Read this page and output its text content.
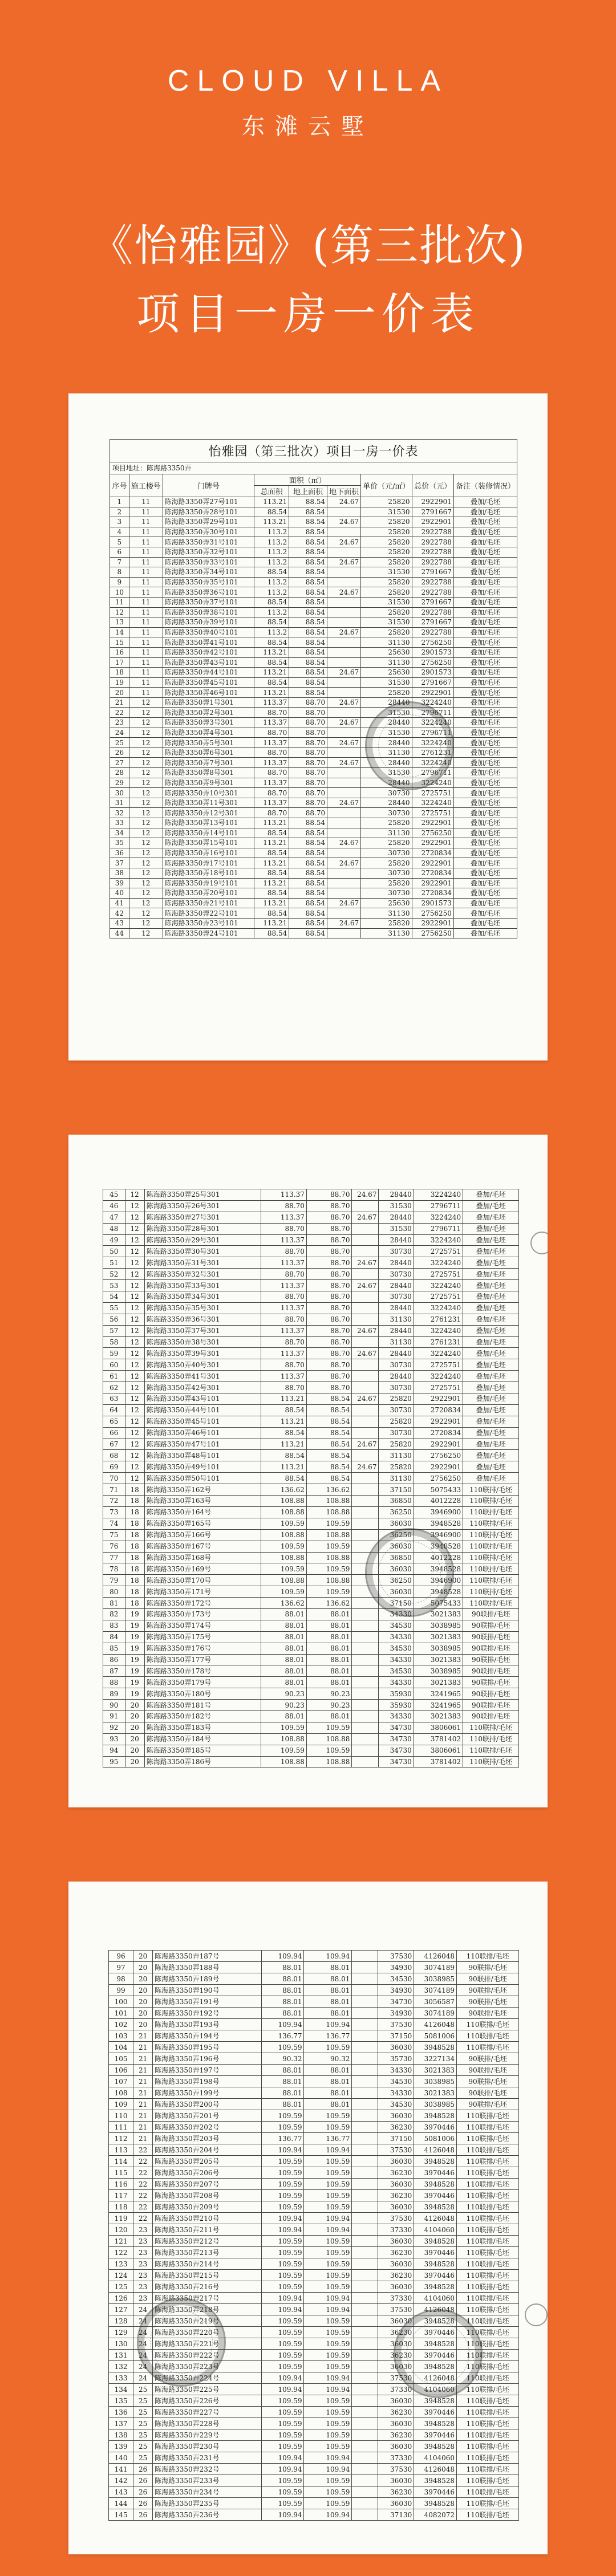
CLOUD VILLA
东滩云墅
《怡雅园》(第三批次)
项目一房一价表
怡雅园（第三批次）项目一房一价表
项目地址：陈海路3350弄
序号	施工楼号	门牌号	面积（㎡）			单价（元/㎡）	总价（元）	备注（装修情况）
			总面积	地上面积	地下面积			
1	11	陈海路3350弄27号101	113.21	88.54	24.67	25820	2922901	叠加/毛坯
2	11	陈海路3350弄28号101	88.54	88.54		31530	2791667	叠加/毛坯
3	11	陈海路3350弄29号101	113.21	88.54	24.67	25820	2922901	叠加/毛坯
4	11	陈海路3350弄30号101	113.2	88.54		25820	2922788	叠加/毛坯
5	11	陈海路3350弄31号101	113.2	88.54	24.67	25820	2922788	叠加/毛坯
6	11	陈海路3350弄32号101	113.2	88.54		25820	2922788	叠加/毛坯
7	11	陈海路3350弄33号101	113.2	88.54	24.67	25820	2922788	叠加/毛坯
8	11	陈海路3350弄34号101	88.54	88.54		31530	2791667	叠加/毛坯
9	11	陈海路3350弄35号101	113.2	88.54		25820	2922788	叠加/毛坯
10	11	陈海路3350弄36号101	113.2	88.54	24.67	25820	2922788	叠加/毛坯
11	11	陈海路3350弄37号101	88.54	88.54		31530	2791667	叠加/毛坯
12	11	陈海路3350弄38号101	113.2	88.54		25820	2922788	叠加/毛坯
13	11	陈海路3350弄39号101	88.54	88.54		31530	2791667	叠加/毛坯
14	11	陈海路3350弄40号101	113.2	88.54	24.67	25820	2922788	叠加/毛坯
15	11	陈海路3350弄41号101	88.54	88.54		31130	2756250	叠加/毛坯
16	11	陈海路3350弄42号101	113.21	88.54		25630	2901573	叠加/毛坯
17	11	陈海路3350弄43号101	88.54	88.54		31130	2756250	叠加/毛坯
18	11	陈海路3350弄44号101	113.21	88.54	24.67	25630	2901573	叠加/毛坯
19	11	陈海路3350弄45号101	88.54	88.54		31530	2791667	叠加/毛坯
20	11	陈海路3350弄46号101	113.21	88.54		25820	2922901	叠加/毛坯
21	12	陈海路3350弄1号301	113.37	88.70	24.67	28440	3224240	叠加/毛坯
22	12	陈海路3350弄2号301	88.70	88.70		31530	2796711	叠加/毛坯
23	12	陈海路3350弄3号301	113.37	88.70	24.67	28440	3224240	叠加/毛坯
24	12	陈海路3350弄4号301	88.70	88.70		31530	2796711	叠加/毛坯
25	12	陈海路3350弄5号301	113.37	88.70	24.67	28440	3224240	叠加/毛坯
26	12	陈海路3350弄6号301	88.70	88.70		31130	2761231	叠加/毛坯
27	12	陈海路3350弄7号301	113.37	88.70	24.67	28440	3224240	叠加/毛坯
28	12	陈海路3350弄8号301	88.70	88.70		31530	2796711	叠加/毛坯
29	12	陈海路3350弄9号301	113.37	88.70		28440	3224240	叠加/毛坯
30	12	陈海路3350弄10号301	88.70	88.70		30730	2725751	叠加/毛坯
31	12	陈海路3350弄11号301	113.37	88.70	24.67	28440	3224240	叠加/毛坯
32	12	陈海路3350弄12号301	88.70	88.70		30730	2725751	叠加/毛坯
33	12	陈海路3350弄13号101	113.21	88.54		25820	2922901	叠加/毛坯
34	12	陈海路3350弄14号101	88.54	88.54		31130	2756250	叠加/毛坯
35	12	陈海路3350弄15号101	113.21	88.54	24.67	25820	2922901	叠加/毛坯
36	12	陈海路3350弄16号101	88.54	88.54		30730	2720834	叠加/毛坯
37	12	陈海路3350弄17号101	113.21	88.54	24.67	25820	2922901	叠加/毛坯
38	12	陈海路3350弄18号101	88.54	88.54		30730	2720834	叠加/毛坯
39	12	陈海路3350弄19号101	113.21	88.54		25820	2922901	叠加/毛坯
40	12	陈海路3350弄20号101	88.54	88.54		30730	2720834	叠加/毛坯
41	12	陈海路3350弄21号101	113.21	88.54	24.67	25630	2901573	叠加/毛坯
42	12	陈海路3350弄22号101	88.54	88.54		31130	2756250	叠加/毛坯
43	12	陈海路3350弄23号101	113.21	88.54	24.67	25820	2922901	叠加/毛坯
44	12	陈海路3350弄24号101	88.54	88.54		31130	2756250	叠加/毛坯
45	12	陈海路3350弄25号301	113.37	88.70	24.67	28440	3224240	叠加/毛坯
46	12	陈海路3350弄26号301	88.70	88.70		31530	2796711	叠加/毛坯
47	12	陈海路3350弄27号301	113.37	88.70	24.67	28440	3224240	叠加/毛坯
48	12	陈海路3350弄28号301	88.70	88.70		31530	2796711	叠加/毛坯
49	12	陈海路3350弄29号301	113.37	88.70		28440	3224240	叠加/毛坯
50	12	陈海路3350弄30号301	88.70	88.70		30730	2725751	叠加/毛坯
51	12	陈海路3350弄31号301	113.37	88.70	24.67	28440	3224240	叠加/毛坯
52	12	陈海路3350弄32号301	88.70	88.70		30730	2725751	叠加/毛坯
53	12	陈海路3350弄33号301	113.37	88.70	24.67	28440	3224240	叠加/毛坯
54	12	陈海路3350弄34号301	88.70	88.70		30730	2725751	叠加/毛坯
55	12	陈海路3350弄35号301	113.37	88.70		28440	3224240	叠加/毛坯
56	12	陈海路3350弄36号301	88.70	88.70		31130	2761231	叠加/毛坯
57	12	陈海路3350弄37号301	113.37	88.70	24.67	28440	3224240	叠加/毛坯
58	12	陈海路3350弄38号301	88.70	88.70		31130	2761231	叠加/毛坯
59	12	陈海路3350弄39号301	113.37	88.70	24.67	28440	3224240	叠加/毛坯
60	12	陈海路3350弄40号301	88.70	88.70		30730	2725751	叠加/毛坯
61	12	陈海路3350弄41号301	113.37	88.70		28440	3224240	叠加/毛坯
62	12	陈海路3350弄42号301	88.70	88.70		30730	2725751	叠加/毛坯
63	12	陈海路3350弄43号101	113.21	88.54	24.67	25820	2922901	叠加/毛坯
64	12	陈海路3350弄44号101	88.54	88.54		30730	2720834	叠加/毛坯
65	12	陈海路3350弄45号101	113.21	88.54		25820	2922901	叠加/毛坯
66	12	陈海路3350弄46号101	88.54	88.54		30730	2720834	叠加/毛坯
67	12	陈海路3350弄47号101	113.21	88.54	24.67	25820	2922901	叠加/毛坯
68	12	陈海路3350弄48号101	88.54	88.54		31130	2756250	叠加/毛坯
69	12	陈海路3350弄49号101	113.21	88.54	24.67	25820	2922901	叠加/毛坯
70	12	陈海路3350弄50号101	88.54	88.54		31130	2756250	叠加/毛坯
71	18	陈海路3350弄162号	136.62	136.62		37150	5075433	110联排/毛坯
72	18	陈海路3350弄163号	108.88	108.88		36850	4012228	110联排/毛坯
73	18	陈海路3350弄164号	108.88	108.88		36250	3946900	110联排/毛坯
74	18	陈海路3350弄165号	109.59	109.59		36030	3948528	110联排/毛坯
75	18	陈海路3350弄166号	108.88	108.88		36250	3946900	110联排/毛坯
76	18	陈海路3350弄167号	109.59	109.59		36030	3948528	110联排/毛坯
77	18	陈海路3350弄168号	108.88	108.88		36850	4012228	110联排/毛坯
78	18	陈海路3350弄169号	109.59	109.59		36030	3948528	110联排/毛坯
79	18	陈海路3350弄170号	108.88	108.88		36250	3946900	110联排/毛坯
80	18	陈海路3350弄171号	109.59	109.59		36030	3948528	110联排/毛坯
81	18	陈海路3350弄172号	136.62	136.62		37150	5075433	110联排/毛坯
82	19	陈海路3350弄173号	88.01	88.01		34330	3021383	90联排/毛坯
83	19	陈海路3350弄174号	88.01	88.01		34530	3038985	90联排/毛坯
84	19	陈海路3350弄175号	88.01	88.01		34330	3021383	90联排/毛坯
85	19	陈海路3350弄176号	88.01	88.01		34530	3038985	90联排/毛坯
86	19	陈海路3350弄177号	88.01	88.01		34330	3021383	90联排/毛坯
87	19	陈海路3350弄178号	88.01	88.01		34530	3038985	90联排/毛坯
88	19	陈海路3350弄179号	88.01	88.01		34330	3021383	90联排/毛坯
89	19	陈海路3350弄180号	90.23	90.23		35930	3241965	90联排/毛坯
90	20	陈海路3350弄181号	90.23	90.23		35930	3241965	90联排/毛坯
91	20	陈海路3350弄182号	88.01	88.01		34330	3021383	90联排/毛坯
92	20	陈海路3350弄183号	109.59	109.59		34730	3806061	110联排/毛坯
93	20	陈海路3350弄184号	108.88	108.88		34730	3781402	110联排/毛坯
94	20	陈海路3350弄185号	109.59	109.59		34730	3806061	110联排/毛坯
95	20	陈海路3350弄186号	108.88	108.88		34730	3781402	110联排/毛坯
96	20	陈海路3350弄187号	109.94	109.94		37530	4126048	110联排/毛坯
97	20	陈海路3350弄188号	88.01	88.01		34930	3074189	90联排/毛坯
98	20	陈海路3350弄189号	88.01	88.01		34530	3038985	90联排/毛坯
99	20	陈海路3350弄190号	88.01	88.01		34930	3074189	90联排/毛坯
100	20	陈海路3350弄191号	88.01	88.01		34730	3056587	90联排/毛坯
101	20	陈海路3350弄192号	88.01	88.01		34930	3074189	90联排/毛坯
102	20	陈海路3350弄193号	109.94	109.94		37530	4126048	110联排/毛坯
103	21	陈海路3350弄194号	136.77	136.77		37150	5081006	110联排/毛坯
104	21	陈海路3350弄195号	109.59	109.59		36030	3948528	110联排/毛坯
105	21	陈海路3350弄196号	90.32	90.32		35730	3227134	90联排/毛坯
106	21	陈海路3350弄197号	88.01	88.01		34330	3021383	90联排/毛坯
107	21	陈海路3350弄198号	88.01	88.01		34530	3038985	90联排/毛坯
108	21	陈海路3350弄199号	88.01	88.01		34330	3021383	90联排/毛坯
109	21	陈海路3350弄200号	88.01	88.01		34530	3038985	90联排/毛坯
110	21	陈海路3350弄201号	109.59	109.59		36030	3948528	110联排/毛坯
111	21	陈海路3350弄202号	109.59	109.59		36230	3970446	110联排/毛坯
112	21	陈海路3350弄203号	136.77	136.77		37150	5081006	110联排/毛坯
113	22	陈海路3350弄204号	109.94	109.94		37530	4126048	110联排/毛坯
114	22	陈海路3350弄205号	109.59	109.59		36030	3948528	110联排/毛坯
115	22	陈海路3350弄206号	109.59	109.59		36230	3970446	110联排/毛坯
116	22	陈海路3350弄207号	109.59	109.59		36030	3948528	110联排/毛坯
117	22	陈海路3350弄208号	109.59	109.59		36230	3970446	110联排/毛坯
118	22	陈海路3350弄209号	109.59	109.59		36030	3948528	110联排/毛坯
119	22	陈海路3350弄210号	109.94	109.94		37530	4126048	110联排/毛坯
120	23	陈海路3350弄211号	109.94	109.94		37330	4104060	110联排/毛坯
121	23	陈海路3350弄212号	109.59	109.59		36030	3948528	110联排/毛坯
122	23	陈海路3350弄213号	109.59	109.59		36230	3970446	110联排/毛坯
123	23	陈海路3350弄214号	109.59	109.59		36030	3948528	110联排/毛坯
124	23	陈海路3350弄215号	109.59	109.59		36230	3970446	110联排/毛坯
125	23	陈海路3350弄216号	109.59	109.59		36030	3948528	110联排/毛坯
126	23	陈海路3350弄217号	109.94	109.94		37330	4104060	110联排/毛坯
127	24	陈海路3350弄218号	109.94	109.94		37530	4126048	110联排/毛坯
128	24	陈海路3350弄219号	109.59	109.59		36030	3948528	110联排/毛坯
129	24	陈海路3350弄220号	109.59	109.59		36230	3970446	110联排/毛坯
130	24	陈海路3350弄221号	109.59	109.59		36030	3948528	110联排/毛坯
131	24	陈海路3350弄222号	109.59	109.59		36230	3970446	110联排/毛坯
132	24	陈海路3350弄223号	109.59	109.59		36030	3948528	110联排/毛坯
133	24	陈海路3350弄224号	109.94	109.94		37530	4126048	110联排/毛坯
134	25	陈海路3350弄225号	109.94	109.94		37330	4104060	110联排/毛坯
135	25	陈海路3350弄226号	109.59	109.59		36030	3948528	110联排/毛坯
136	25	陈海路3350弄227号	109.59	109.59		36230	3970446	110联排/毛坯
137	25	陈海路3350弄228号	109.59	109.59		36030	3948528	110联排/毛坯
138	25	陈海路3350弄229号	109.59	109.59		36230	3970446	110联排/毛坯
139	25	陈海路3350弄230号	109.59	109.59		36030	3948528	110联排/毛坯
140	25	陈海路3350弄231号	109.94	109.94		37330	4104060	110联排/毛坯
141	26	陈海路3350弄232号	109.94	109.94		37530	4126048	110联排/毛坯
142	26	陈海路3350弄233号	109.59	109.59		36030	3948528	110联排/毛坯
143	26	陈海路3350弄234号	109.59	109.59		36230	3970446	110联排/毛坯
144	26	陈海路3350弄235号	109.59	109.59		36030	3948528	110联排/毛坯
145	26	陈海路3350弄236号	109.94	109.94		37130	4082072	110联排/毛坯
